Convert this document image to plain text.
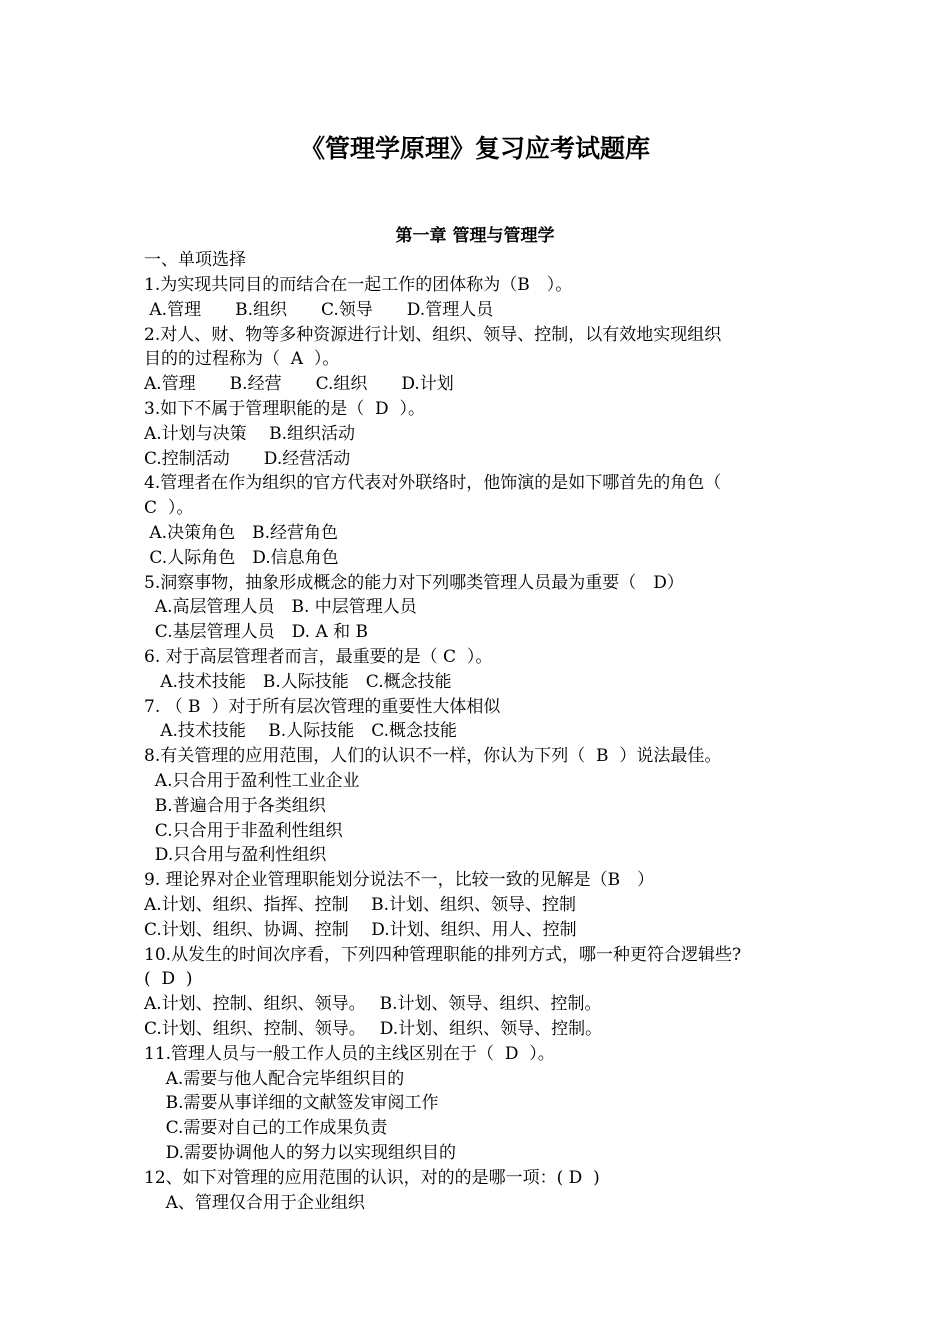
《管理学原理》复习应考试题库
第一章 管理与管理学
一、单项选择
1.为实现共同目的而结合在一起工作的团体称为（B　）。
A.管理　　B.组织　　C.领导　　D.管理人员
2.对人、财、物等多种资源进行计划、组织、领导、控制，以有效地实现组织
目的的过程称为（  A  ）。
A.管理　　B.经营　　C.组织　　D.计划
3.如下不属于管理职能的是（  D  ）。
A.计划与决策　 B.组织活动
C.控制活动　　D.经营活动
4.管理者在作为组织的官方代表对外联络时，他饰演的是如下哪首先的角色（
C  ）。
A.决策角色　B.经营角色
C.人际角色　D.信息角色
5.洞察事物，抽象形成概念的能力对下列哪类管理人员最为重要（　D）
A.高层管理人员　B. 中层管理人员
C.基层管理人员　D. A 和 B
6. 对于高层管理者而言，最重要的是（ C  ）。
A.技术技能　B.人际技能　C.概念技能
7. （ B  ）对于所有层次管理的重要性大体相似
A.技术技能　 B.人际技能　C.概念技能
8.有关管理的应用范围，人们的认识不一样，你认为下列（  B  ）说法最佳。
A.只合用于盈利性工业企业
B.普遍合用于各类组织
C.只合用于非盈利性组织
D.只合用与盈利性组织
9. 理论界对企业管理职能划分说法不一，比较一致的见解是（B　）
A.计划、组织、指挥、控制　 B.计划、组织、领导、控制
C.计划、组织、协调、控制　 D.计划、组织、用人、控制
10.从发生的时间次序看，下列四种管理职能的排列方式，哪一种更符合逻辑些?
(  D  )
A.计划、控制、组织、领导。　 B.计划、领导、组织、控制。
C.计划、组织、控制、领导。　 D.计划、组织、领导、控制。
11.管理人员与一般工作人员的主线区别在于（  D  ）。
A.需要与他人配合完毕组织目的
B.需要从事详细的文献签发审阅工作
C.需要对自己的工作成果负责
D.需要协调他人的努力以实现组织目的
12、如下对管理的应用范围的认识，对的的是哪一项：( D  )
A、管理仅合用于企业组织
